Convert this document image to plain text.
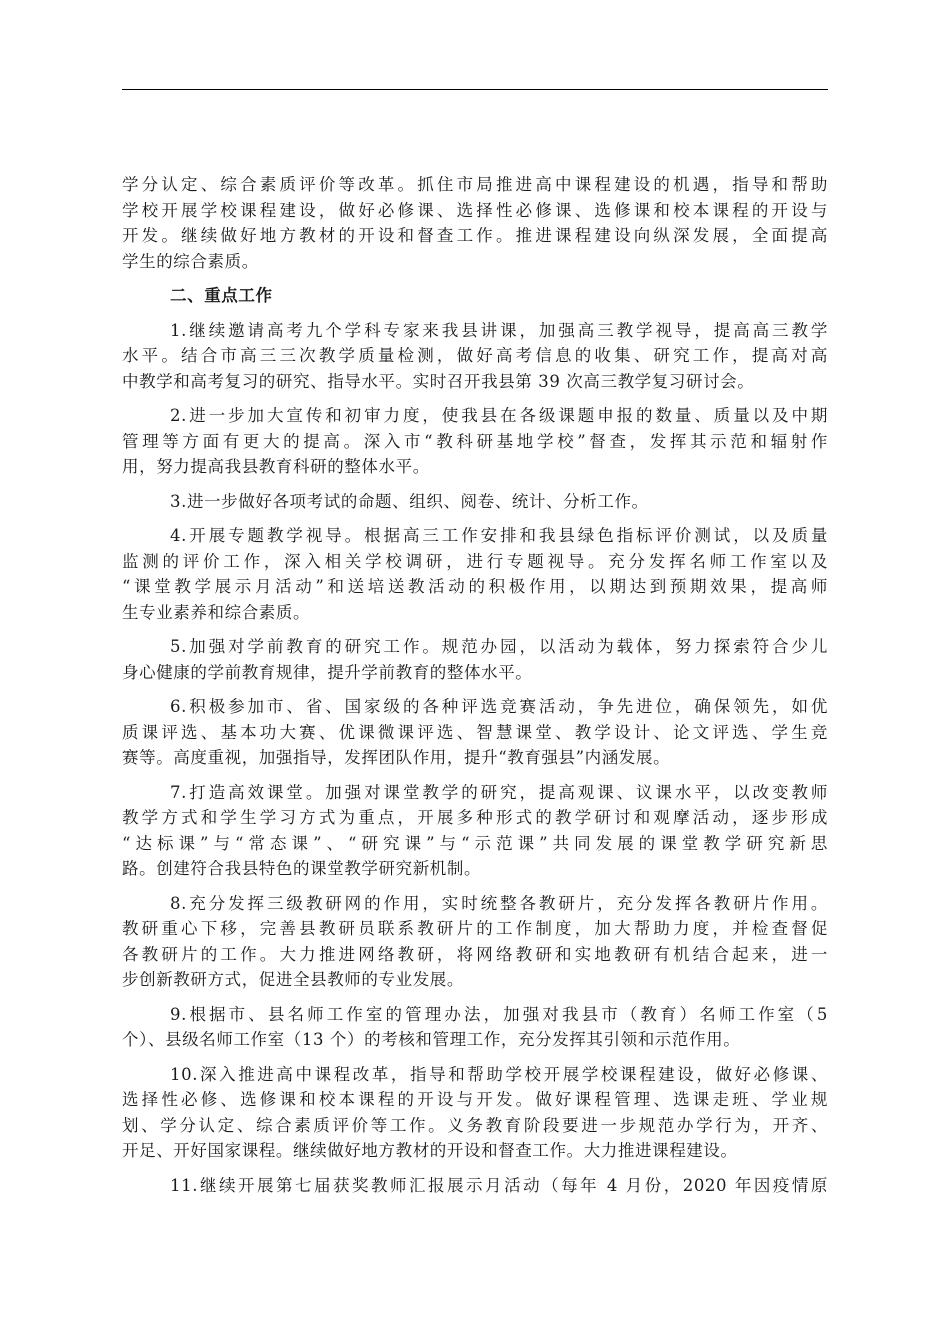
学分认定、综合素质评价等改革。抓住市局推进高中课程建设的机遇，指导和帮助
学校开展学校课程建设，做好必修课、选择性必修课、选修课和校本课程的开设与
开发。继续做好地方教材的开设和督查工作。推进课程建设向纵深发展，全面提高
学生的综合素质。

二、重点工作

1.继续邀请高考九个学科专家来我县讲课，加强高三教学视导，提高高三教学
水平。结合市高三三次教学质量检测，做好高考信息的收集、研究工作，提高对高
中教学和高考复习的研究、指导水平。实时召开我县第 39 次高三教学复习研讨会。

2.进一步加大宣传和初审力度，使我县在各级课题申报的数量、质量以及中期
管理等方面有更大的提高。深入市“教科研基地学校”督查，发挥其示范和辐射作
用，努力提高我县教育科研的整体水平。

3.进一步做好各项考试的命题、组织、阅卷、统计、分析工作。

4.开展专题教学视导。根据高三工作安排和我县绿色指标评价测试，以及质量
监测的评价工作，深入相关学校调研，进行专题视导。充分发挥名师工作室以及
“课堂教学展示月活动”和送培送教活动的积极作用，以期达到预期效果，提高师
生专业素养和综合素质。

5.加强对学前教育的研究工作。规范办园，以活动为载体，努力探索符合少儿
身心健康的学前教育规律，提升学前教育的整体水平。

6.积极参加市、省、国家级的各种评选竞赛活动，争先进位，确保领先，如优
质课评选、基本功大赛、优课微课评选、智慧课堂、教学设计、论文评选、学生竞
赛等。高度重视，加强指导，发挥团队作用，提升“教育强县”内涵发展。

7.打造高效课堂。加强对课堂教学的研究，提高观课、议课水平，以改变教师
教学方式和学生学习方式为重点，开展多种形式的教学研讨和观摩活动，逐步形成
“达标课”与“常态课”、“研究课”与“示范课”共同发展的课堂教学研究新思
路。创建符合我县特色的课堂教学研究新机制。

8.充分发挥三级教研网的作用，实时统整各教研片，充分发挥各教研片作用。
教研重心下移，完善县教研员联系教研片的工作制度，加大帮助力度，并检查督促
各教研片的工作。大力推进网络教研，将网络教研和实地教研有机结合起来，进一
步创新教研方式，促进全县教师的专业发展。

9.根据市、县名师工作室的管理办法，加强对我县市（教育）名师工作室（5
个）、县级名师工作室（13 个）的考核和管理工作，充分发挥其引领和示范作用。

10.深入推进高中课程改革，指导和帮助学校开展学校课程建设，做好必修课、
选择性必修、选修课和校本课程的开设与开发。做好课程管理、选课走班、学业规
划、学分认定、综合素质评价等工作。义务教育阶段要进一步规范办学行为，开齐、
开足、开好国家课程。继续做好地方教材的开设和督查工作。大力推进课程建设。

11.继续开展第七届获奖教师汇报展示月活动（每年 4 月份，2020 年因疫情原
